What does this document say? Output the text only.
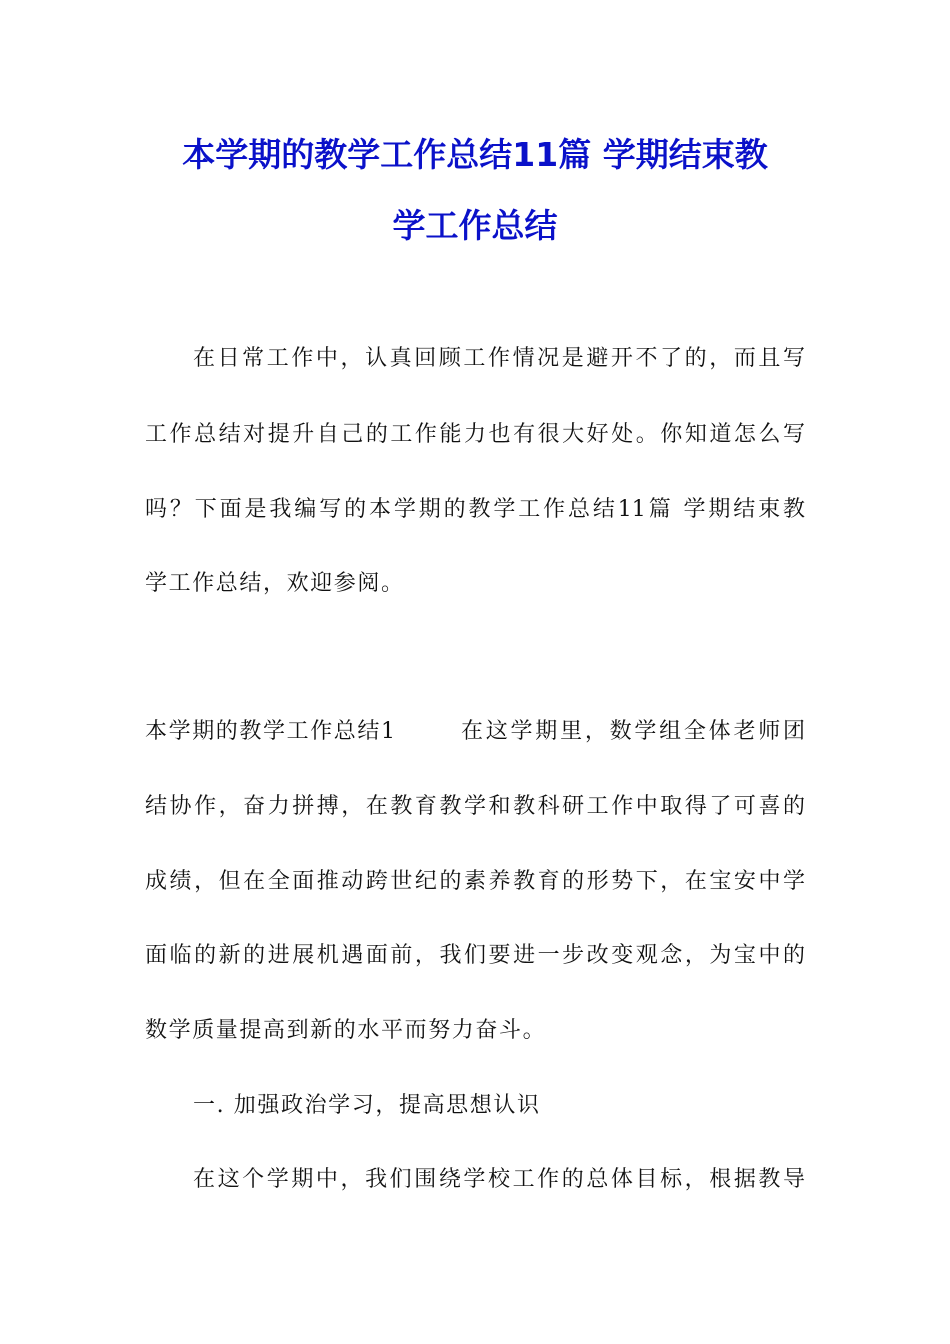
本学期的教学工作总结11篇 学期结束教
学工作总结
在日常工作中，认真回顾工作情况是避开不了的，而且写
工作总结对提升自己的工作能力也有很大好处。你知道怎么写
吗？下面是我编写的本学期的教学工作总结11篇 学期结束教
学工作总结，欢迎参阅。
本学期的教学工作总结1	在这学期里，数学组全体老师团
结协作，奋力拼搏，在教育教学和教科研工作中取得了可喜的
成绩，但在全面推动跨世纪的素养教育的形势下，在宝安中学
面临的新的进展机遇面前，我们要进一步改变观念，为宝中的
数学质量提高到新的水平而努力奋斗。
一. 加强政治学习，提高思想认识
在这个学期中，我们围绕学校工作的总体目标，根据教导
